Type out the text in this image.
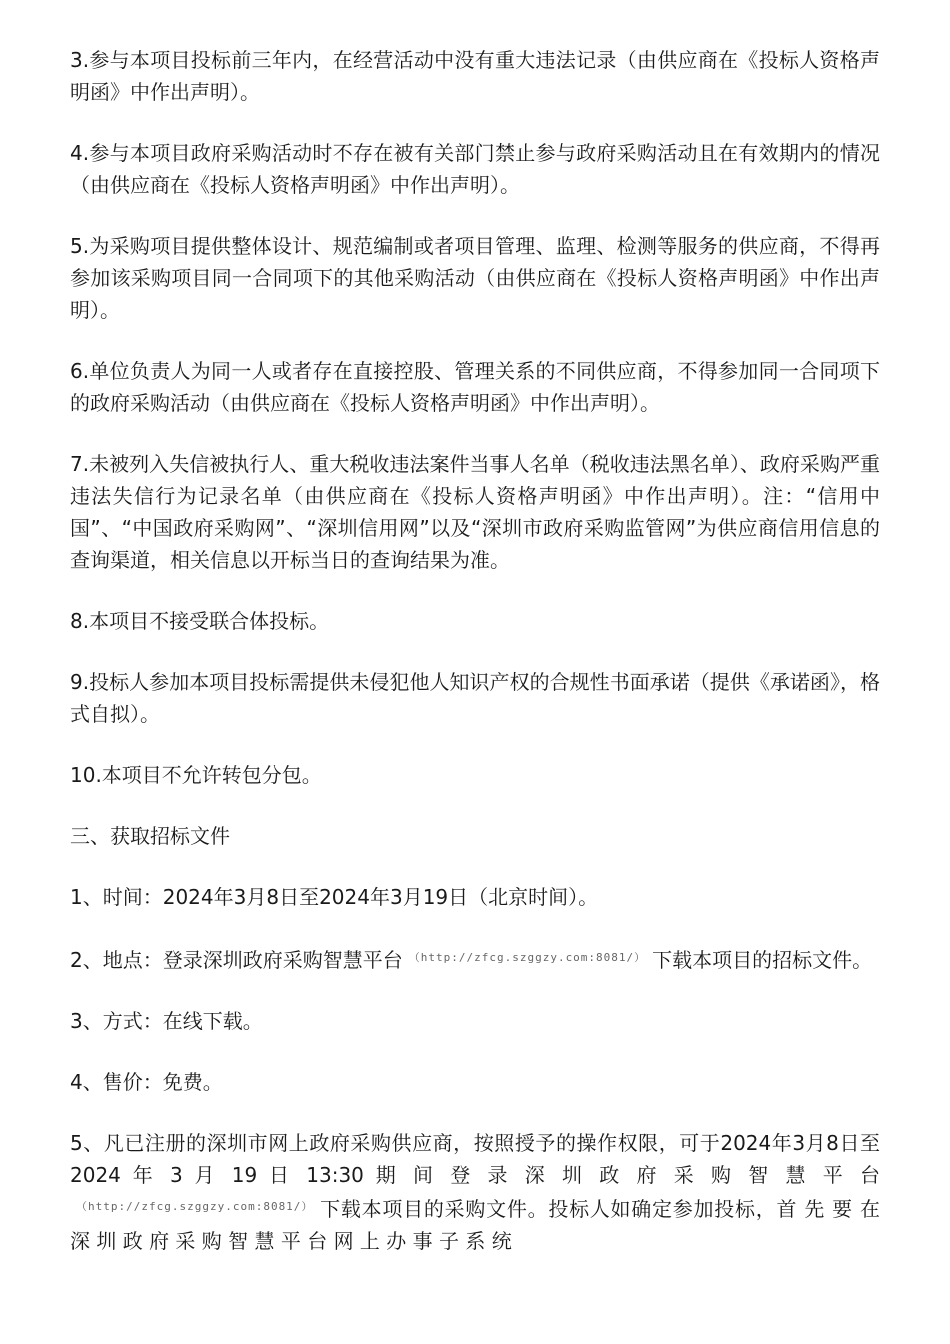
3.参与本项目投标前三年内，在经营活动中没有重大违法记录（由供应商在《投标人资格声明函》中作出声明）。

4.参与本项目政府采购活动时不存在被有关部门禁止参与政府采购活动且在有效期内的情况（由供应商在《投标人资格声明函》中作出声明）。

5.为采购项目提供整体设计、规范编制或者项目管理、监理、检测等服务的供应商，不得再参加该采购项目同一合同项下的其他采购活动（由供应商在《投标人资格声明函》中作出声明）。

6.单位负责人为同一人或者存在直接控股、管理关系的不同供应商，不得参加同一合同项下的政府采购活动（由供应商在《投标人资格声明函》中作出声明）。

7.未被列入失信被执行人、重大税收违法案件当事人名单（税收违法黑名单）、政府采购严重违法失信行为记录名单（由供应商在《投标人资格声明函》中作出声明）。注：“信用中国”、“中国政府采购网”、“深圳信用网”以及“深圳市政府采购监管网”为供应商信用信息的查询渠道，相关信息以开标当日的查询结果为准。

8.本项目不接受联合体投标。

9.投标人参加本项目投标需提供未侵犯他人知识产权的合规性书面承诺（提供《承诺函》，格式自拟）。

10.本项目不允许转包分包。

三、获取招标文件

1、时间：2024年3月8日至2024年3月19日（北京时间）。

2、地点：登录深圳政府采购智慧平台 （http://zfcg.szggzy.com:8081/） 下载本项目的招标文件。

3、方式：在线下载。

4、售价：免费。

5、凡已注册的深圳市网上政府采购供应商，按照授予的操作权限，可于2024年3月8日至 2024 年 3 月 19 日 13:30 期 间 登 录 深 圳 政 府 采 购 智 慧 平 台（http://zfcg.szggzy.com:8081/） 下载本项目的采购文件。投标人如确定参加投标，首 先 要 在 深 圳 政 府 采 购 智 慧 平 台 网 上 办 事 子 系 统
